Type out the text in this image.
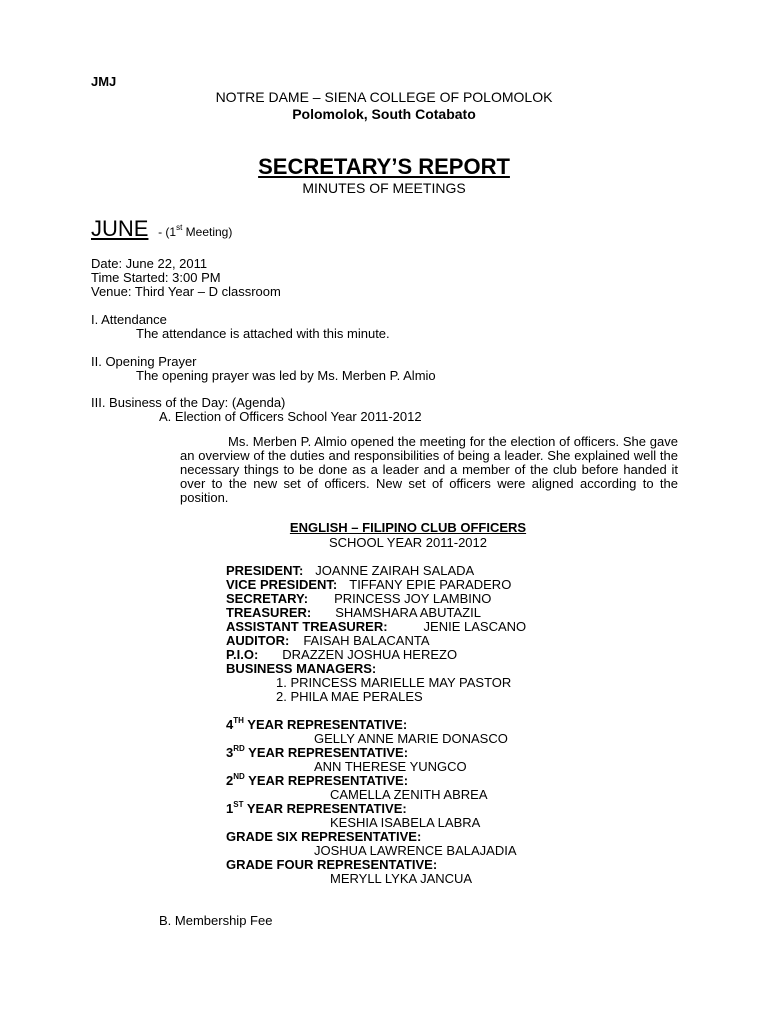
JMJ
NOTRE DAME – SIENA COLLEGE OF POLOMOLOK
Polomolok, South Cotabato
SECRETARY’S REPORT
MINUTES OF MEETINGS
JUNE - (1st Meeting)
Date: June 22, 2011
Time Started: 3:00 PM
Venue: Third Year – D classroom
I. Attendance
The attendance is attached with this minute.
II. Opening Prayer
The opening prayer was led by Ms. Merben P. Almio
III. Business of the Day: (Agenda)
A. Election of Officers School Year 2011-2012
Ms. Merben P. Almio opened the meeting for the election of officers. She gave an overview of the duties and responsibilities of being a leader. She explained well the necessary things to be done as a leader and a member of the club before handed it over to the new set of officers. New set of officers were aligned according to the position.
ENGLISH – FILIPINO CLUB OFFICERS
SCHOOL YEAR 2011-2012
PRESIDENT: JOANNE ZAIRAH SALADA
VICE PRESIDENT: TIFFANY EPIE PARADERO
SECRETARY: PRINCESS JOY LAMBINO
TREASURER: SHAMSHARA ABUTAZIL
ASSISTANT TREASURER:	JENIE LASCANO
AUDITOR: FAISAH BALACANTA
P.I.O: DRAZZEN JOSHUA HEREZO
BUSINESS MANAGERS:
1. PRINCESS MARIELLE MAY PASTOR
2. PHILA MAE PERALES
4TH YEAR REPRESENTATIVE:
GELLY ANNE MARIE DONASCO
3RD YEAR REPRESENTATIVE:
ANN THERESE YUNGCO
2ND YEAR REPRESENTATIVE:
CAMELLA ZENITH ABREA
1ST YEAR REPRESENTATIVE:
KESHIA ISABELA LABRA
GRADE SIX REPRESENTATIVE:
JOSHUA LAWRENCE BALAJADIA
GRADE FOUR REPRESENTATIVE:
MERYLL LYKA JANCUA
B. Membership Fee
